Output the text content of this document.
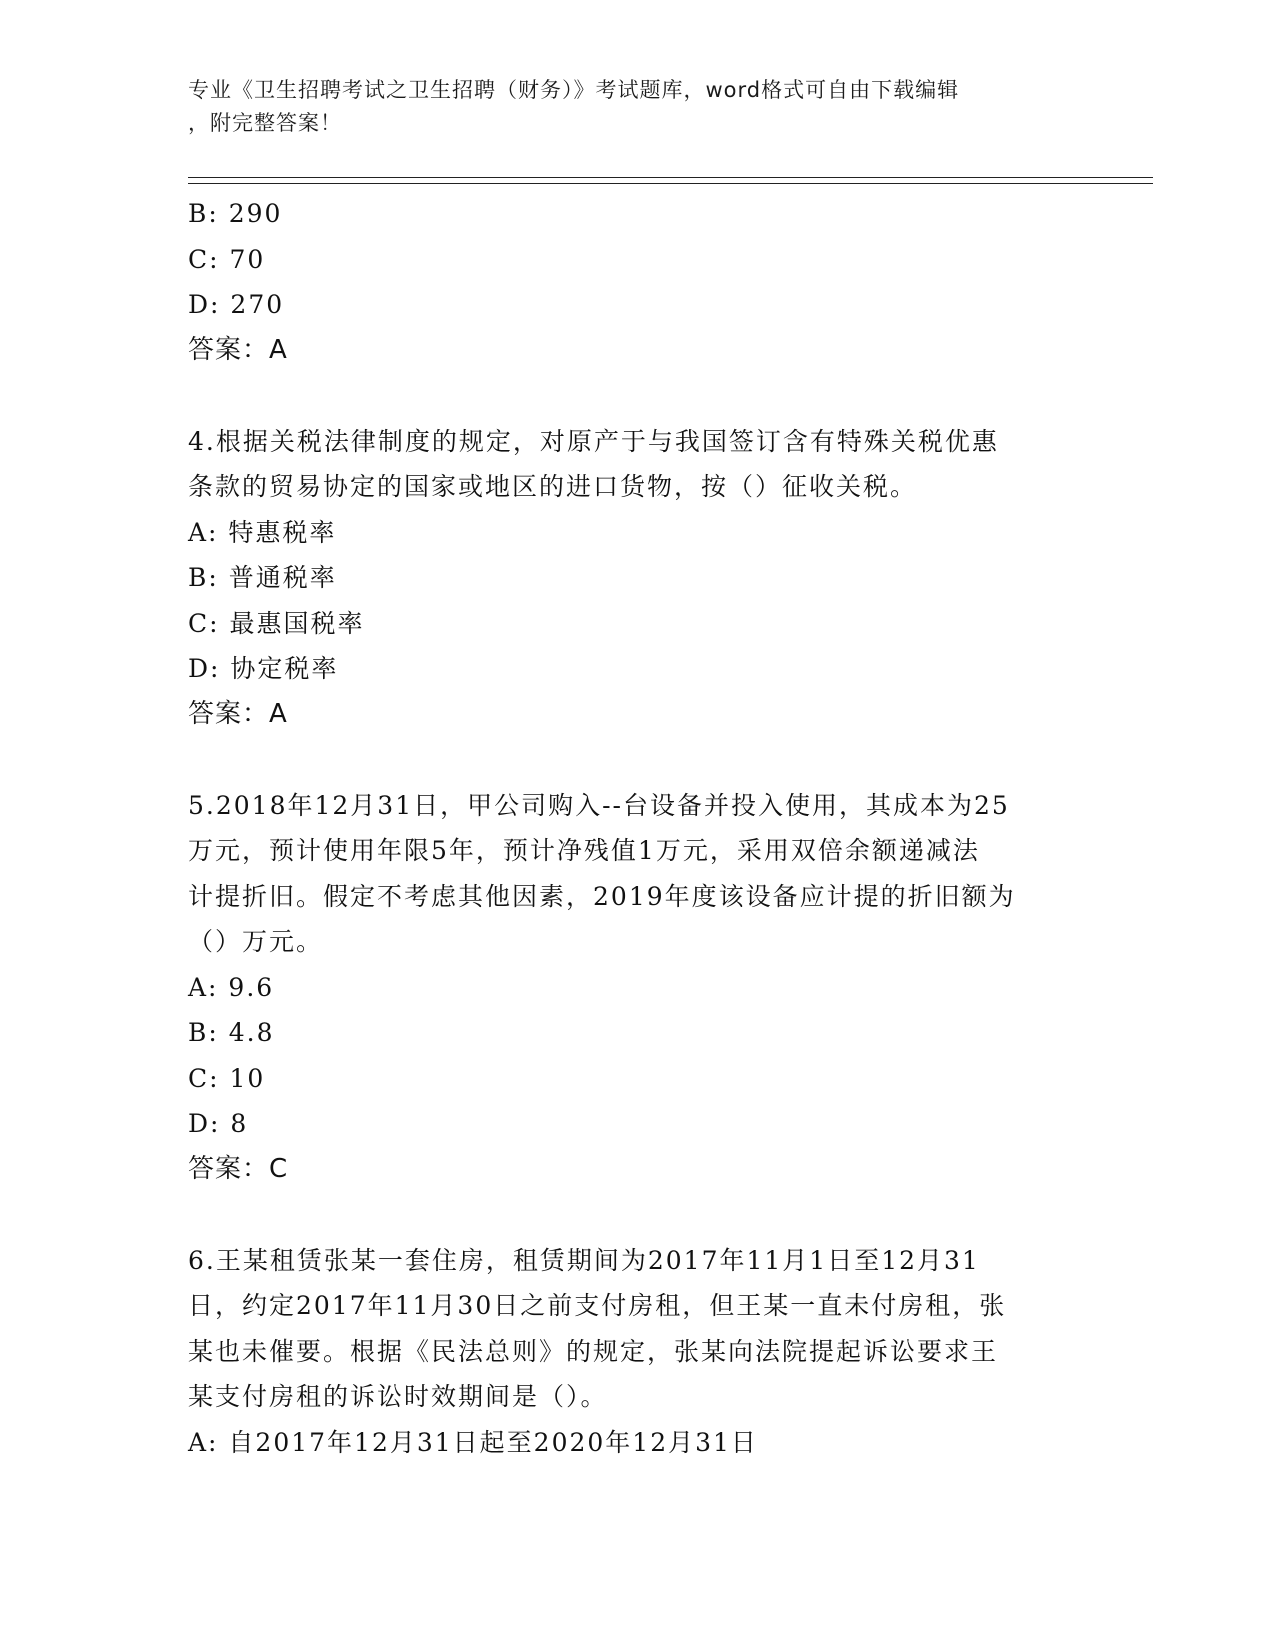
专业《卫生招聘考试之卫生招聘（财务）》考试题库，word格式可自由下载编辑
，附完整答案！
B: 290
C: 70
D: 270
答案：A
4.根据关税法律制度的规定，对原产于与我国签订含有特殊关税优惠
条款的贸易协定的国家或地区的进口货物，按（）征收关税。
A: 特惠税率
B: 普通税率
C: 最惠国税率
D: 协定税率
答案：A
5.2018年12月31日，甲公司购入--台设备并投入使用，其成本为25
万元，预计使用年限5年，预计净残值1万元，采用双倍余额递减法
计提折旧。假定不考虑其他因素，2019年度该设备应计提的折旧额为
（）万元。
A: 9.6
B: 4.8
C: 10
D: 8
答案：C
6.王某租赁张某一套住房，租赁期间为2017年11月1日至12月31
日，约定2017年11月30日之前支付房租，但王某一直未付房租，张
某也未催要。根据《民法总则》的规定，张某向法院提起诉讼要求王
某支付房租的诉讼时效期间是（）。
A: 自2017年12月31日起至2020年12月31日
